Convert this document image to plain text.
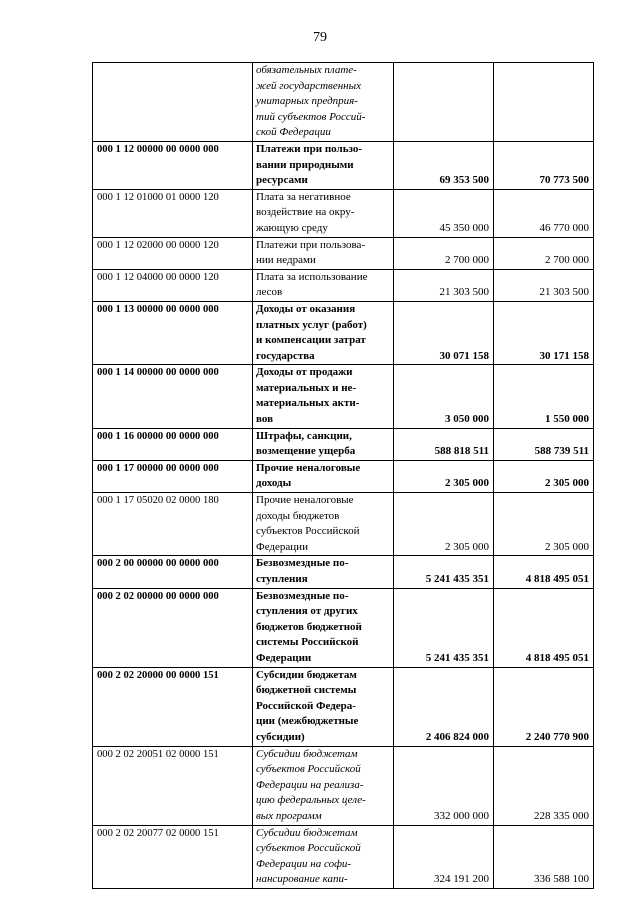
79

	обязательных плате-
жей государственных
унитарных предприя-
тий субъектов Россий-
ской Федерации		

000 1 12 00000 00 0000 000	Платежи при пользо-
вании природными
ресурсами	69 353 500	70 773 500
000 1 12 01000 01 0000 120	Плата за негативное
воздействие на окру-
жающую среду	45 350 000	46 770 000
000 1 12 02000 00 0000 120	Платежи при пользова-
нии недрами	2 700 000	2 700 000
000 1 12 04000 00 0000 120	Плата за использование
лесов	21 303 500	21 303 500
000 1 13 00000 00 0000 000	Доходы от оказания
платных услуг (работ)
и компенсации затрат
государства	30 071 158	30 171 158
000 1 14 00000 00 0000 000	Доходы от продажи
материальных и не-
материальных акти-
вов	3 050 000	1 550 000
000 1 16 00000 00 0000 000	Штрафы, санкции,
возмещение ущерба	588 818 511	588 739 511
000 1 17 00000 00 0000 000	Прочие неналоговые
доходы	2 305 000	2 305 000
000 1 17 05020 02 0000 180	Прочие неналоговые
доходы бюджетов
субъектов Российской
Федерации	2 305 000	2 305 000
000 2 00 00000 00 0000 000	Безвозмездные по-
ступления	5 241 435 351	4 818 495 051
000 2 02 00000 00 0000 000	Безвозмездные по-
ступления от других
бюджетов бюджетной
системы Российской
Федерации	5 241 435 351	4 818 495 051
000 2 02 20000 00 0000 151	Субсидии бюджетам
бюджетной системы
Российской Федера-
ции (межбюджетные
субсидии)	2 406 824 000	2 240 770 900
000 2 02 20051 02 0000 151	Субсидии бюджетам
субъектов Российской
Федерации на реализа-
цию федеральных целе-
вых программ	332 000 000	228 335 000
000 2 02 20077 02 0000 151	Субсидии бюджетам
субъектов Российской
Федерации на софи-
нансирование капи-	324 191 200	336 588 100
